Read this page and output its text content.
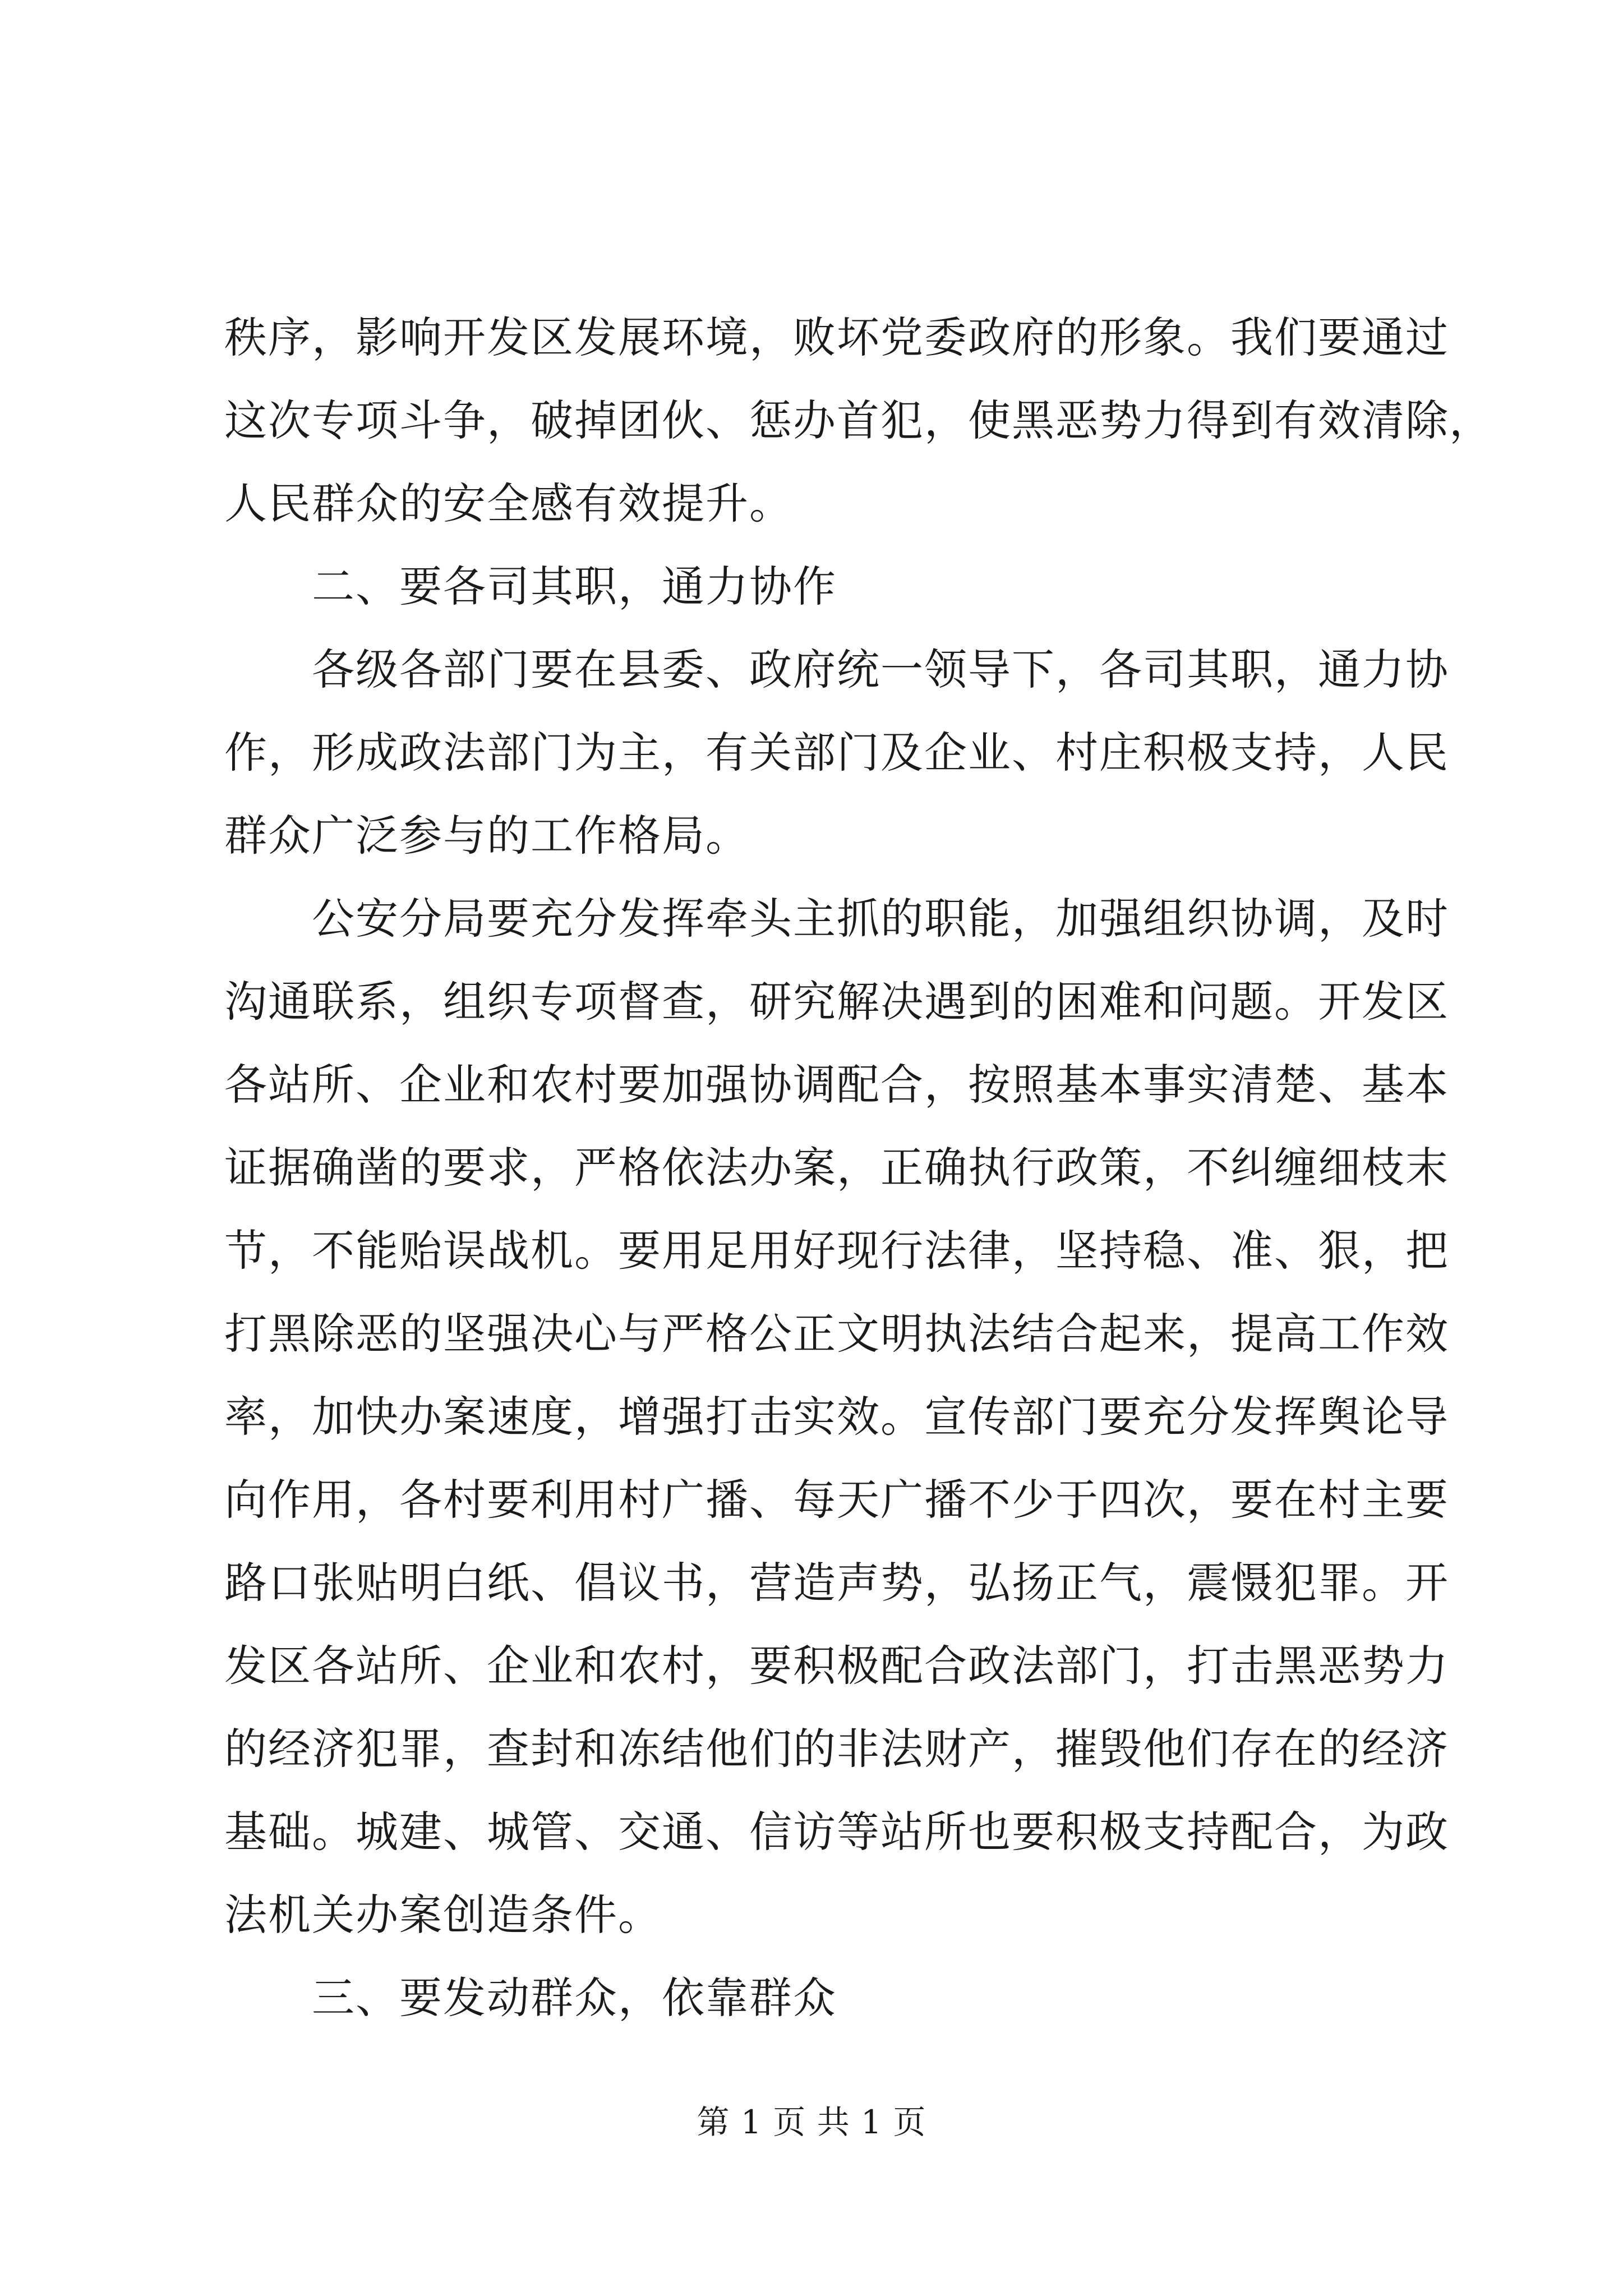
秩序，影响开发区发展环境，败坏党委政府的形象。我们要通过
这次专项斗争，破掉团伙、惩办首犯，使黑恶势力得到有效清除，
人民群众的安全感有效提升。
二、要各司其职，通力协作
各级各部门要在县委、政府统一领导下，各司其职，通力协
作，形成政法部门为主，有关部门及企业、村庄积极支持，人民
群众广泛参与的工作格局。
公安分局要充分发挥牵头主抓的职能，加强组织协调，及时
沟通联系，组织专项督查，研究解决遇到的困难和问题。开发区
各站所、企业和农村要加强协调配合，按照基本事实清楚、基本
证据确凿的要求，严格依法办案，正确执行政策，不纠缠细枝末
节，不能贻误战机。要用足用好现行法律，坚持稳、准、狠，把
打黑除恶的坚强决心与严格公正文明执法结合起来，提高工作效
率，加快办案速度，增强打击实效。宣传部门要充分发挥舆论导
向作用，各村要利用村广播、每天广播不少于四次，要在村主要
路口张贴明白纸、倡议书，营造声势，弘扬正气，震慑犯罪。开
发区各站所、企业和农村，要积极配合政法部门，打击黑恶势力
的经济犯罪，查封和冻结他们的非法财产，摧毁他们存在的经济
基础。城建、城管、交通、信访等站所也要积极支持配合，为政
法机关办案创造条件。
三、要发动群众，依靠群众
第 1 页 共 1 页
